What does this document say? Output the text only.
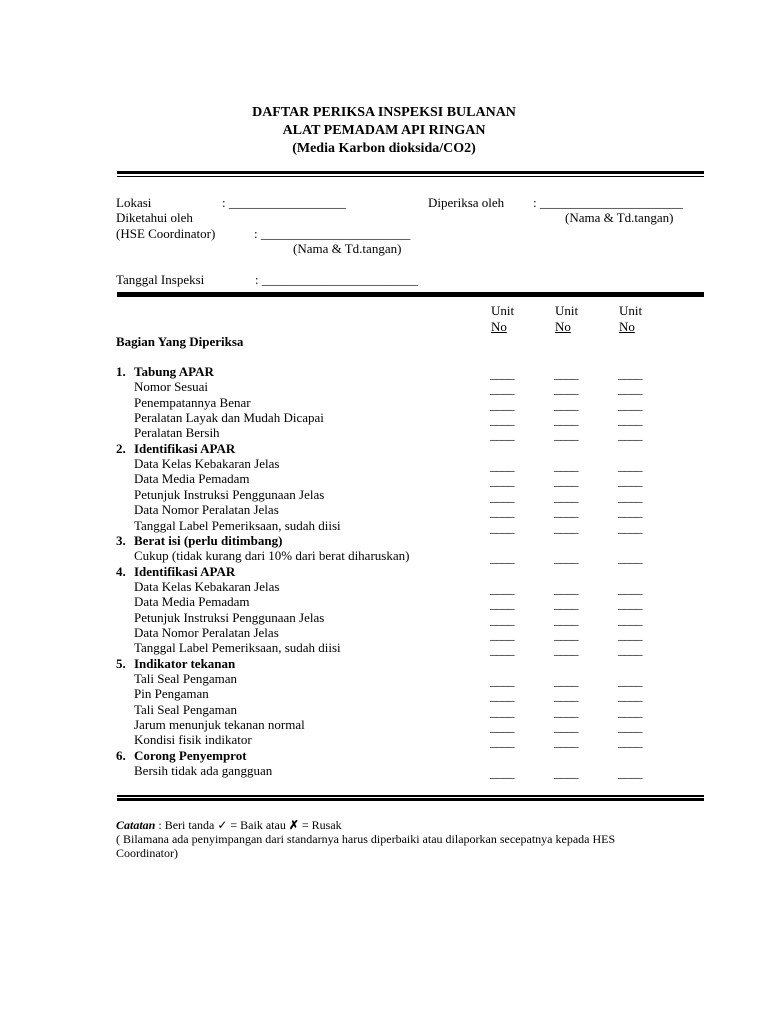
DAFTAR PERIKSA INSPEKSI BULANAN
ALAT PEMADAM API RINGAN
(Media Karbon dioksida/CO2)
Lokasi	: __________________	Diperiksa oleh : ______________________
Diketahui oleh	(Nama & Td.tangan)
(HSE Coordinator)	: _______________________
(Nama & Td.tangan)
Tanggal Inspeksi	: ________________________
Unit
No
Unit
No
Unit
No
Bagian Yang Diperiksa
1. Tabung APAR	____	____	____
Nomor Sesuai	____	____	____
Penempatannya Benar	____	____	____
Peralatan Layak dan Mudah Dicapai	____	____	____
Peralatan Bersih	____	____	____
2. Identifikasi APAR
Data Kelas Kebakaran Jelas	____	____	____
Data Media Pemadam	____	____	____
Petunjuk Instruksi Penggunaan Jelas	____	____	____
Data Nomor Peralatan Jelas	____	____	____
Tanggal Label Pemeriksaan, sudah diisi	____	____	____
3. Berat isi (perlu ditimbang)
Cukup (tidak kurang dari 10% dari berat diharuskan)	____	____	____
4. Identifikasi APAR
Data Kelas Kebakaran Jelas	____	____	____
Data Media Pemadam	____	____	____
Petunjuk Instruksi Penggunaan Jelas	____	____	____
Data Nomor Peralatan Jelas	____	____	____
Tanggal Label Pemeriksaan, sudah diisi	____	____	____
5. Indikator tekanan
Tali Seal Pengaman	____	____	____
Pin Pengaman	____	____	____
Tali Seal Pengaman	____	____	____
Jarum menunjuk tekanan normal	____	____	____
Kondisi fisik indikator	____	____	____
6. Corong Penyemprot
Bersih tidak ada gangguan	____	____	____
Catatan : Beri tanda ✓ = Baik atau ✗ = Rusak
( Bilamana ada penyimpangan dari standarnya harus diperbaiki atau dilaporkan secepatnya kepada HES
Coordinator)
